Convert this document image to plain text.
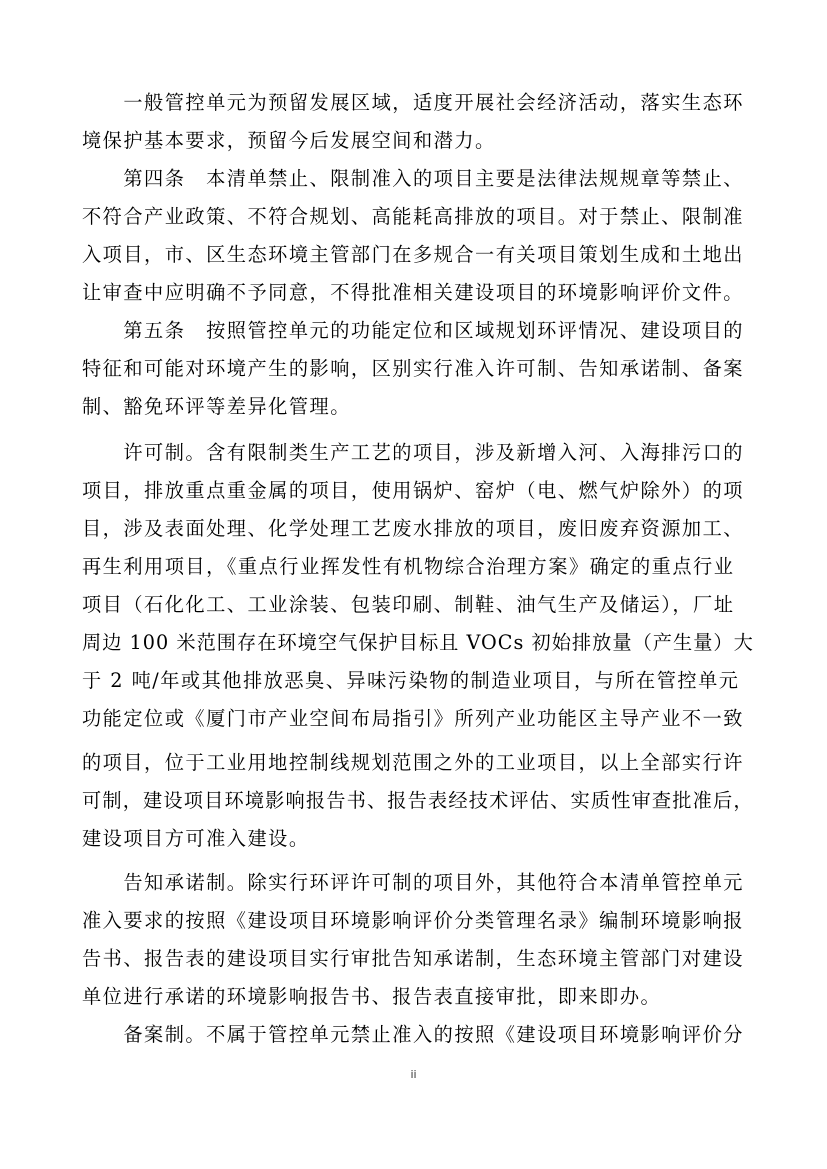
　　一般管控单元为预留发展区域，适度开展社会经济活动，落实生态环
境保护基本要求，预留今后发展空间和潜力。
　　第四条　本清单禁止、限制准入的项目主要是法律法规规章等禁止、
不符合产业政策、不符合规划、高能耗高排放的项目。对于禁止、限制准
入项目，市、区生态环境主管部门在多规合一有关项目策划生成和土地出
让审查中应明确不予同意，不得批准相关建设项目的环境影响评价文件。
　　第五条　按照管控单元的功能定位和区域规划环评情况、建设项目的
特征和可能对环境产生的影响，区别实行准入许可制、告知承诺制、备案
制、豁免环评等差异化管理。
　　许可制。含有限制类生产工艺的项目，涉及新增入河、入海排污口的
项目，排放重点重金属的项目，使用锅炉、窑炉（电、燃气炉除外）的项
目，涉及表面处理、化学处理工艺废水排放的项目，废旧废弃资源加工、
再生利用项目，《重点行业挥发性有机物综合治理方案》确定的重点行业
项目（石化化工、工业涂装、包装印刷、制鞋、油气生产及储运），厂址
周边 100 米范围存在环境空气保护目标且 VOCs 初始排放量（产生量）大
于 2 吨/年或其他排放恶臭、异味污染物的制造业项目，与所在管控单元
功能定位或《厦门市产业空间布局指引》所列产业功能区主导产业不一致
的项目，位于工业用地控制线规划范围之外的工业项目，以上全部实行许
可制，建设项目环境影响报告书、报告表经技术评估、实质性审查批准后，
建设项目方可准入建设。
　　告知承诺制。除实行环评许可制的项目外，其他符合本清单管控单元
准入要求的按照《建设项目环境影响评价分类管理名录》编制环境影响报
告书、报告表的建设项目实行审批告知承诺制，生态环境主管部门对建设
单位进行承诺的环境影响报告书、报告表直接审批，即来即办。
　　备案制。不属于管控单元禁止准入的按照《建设项目环境影响评价分
ii
